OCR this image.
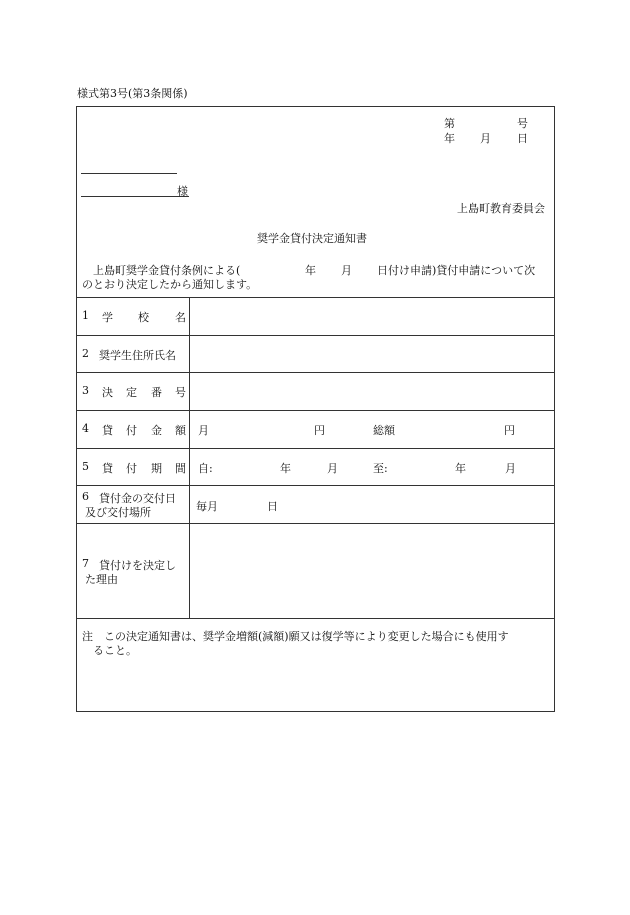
様式第3号(第3条関係)
第	号
年 月 日
様
上島町教育委員会
奨学金貸付決定通知書
上島町奨学金貸付条例による(	年 月 日付け申請)貸付申請について次
のとおり決定したから通知します。
1 学 校 名
2 奨学生住所氏名
3 決 定 番 号
4 貸 付 金 額 月	円	総額	円
5 貸 付 期 間 自:	年	月	至:	年	月
6 貸付金の交付日
及び交付場所	毎月	日
7 貸付けを決定し
た理由
注　この決定通知書は、奨学金増額(減額)願又は復学等により変更した場合にも使用す
ること。
